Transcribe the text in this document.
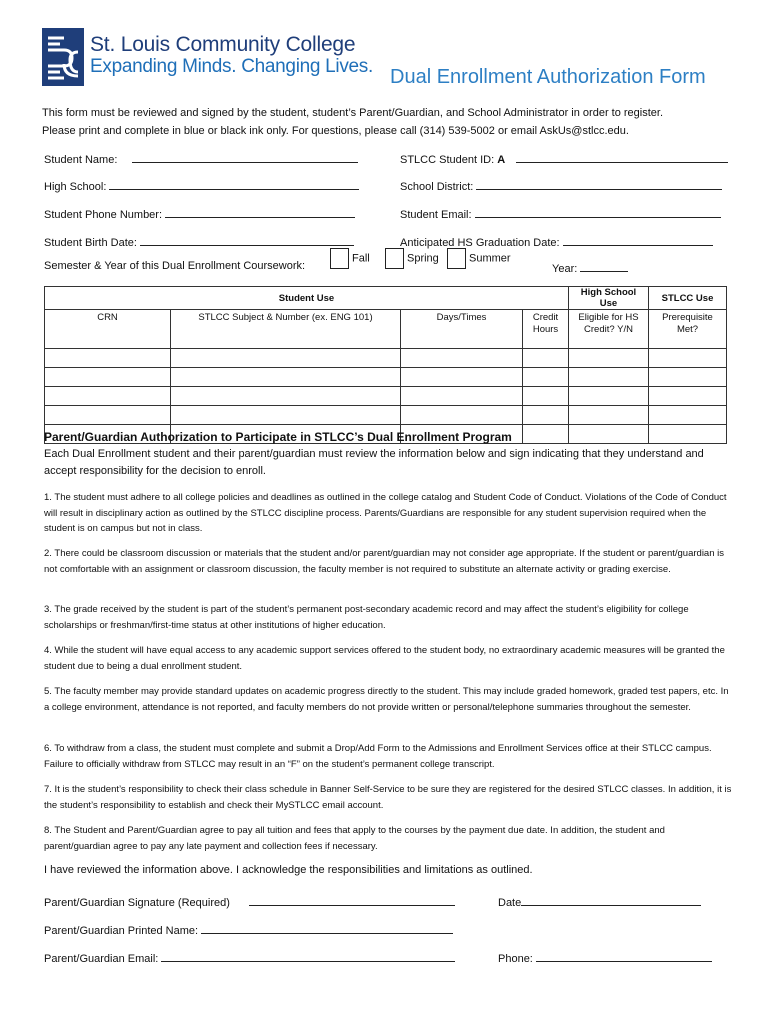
St. Louis Community College
Expanding Minds. Changing Lives. Dual Enrollment Authorization Form
This form must be reviewed and signed by the student, student’s Parent/Guardian, and School Administrator in order to register.
Please print and complete in blue or black ink only. For questions, please call (314) 539-5002 or email AskUs@stlcc.edu.
Student Name:	STLCC Student ID: A
High School:	School District:
Student Phone Number:	Student Email:
Student Birth Date:	Anticipated HS Graduation Date:
Semester & Year of this Dual Enrollment Coursework:
Fall	Spring	Summer
Year:
Student Use				High School Use	STLCC Use
CRN	STLCC Subject & Number (ex. ENG 101)	Days/Times	Credit Hours	Eligible for HS Credit? Y/N	Prerequisite Met?

Parent/Guardian Authorization to Participate in STLCC’s Dual Enrollment Program
Each Dual Enrollment student and their parent/guardian must review the information below and sign indicating that they understand and accept responsibility for the decision to enroll.
1. The student must adhere to all college policies and deadlines as outlined in the college catalog and Student Code of Conduct. Violations of the Code of Conduct will result in disciplinary action as outlined by the STLCC discipline process. Parents/Guardians are responsible for any student supervision required when the student is on campus but not in class.
2. There could be classroom discussion or materials that the student and/or parent/guardian may not consider age appropriate. If the student or parent/guardian is not comfortable with an assignment or classroom discussion, the faculty member is not required to substitute an alternate activity or grading exercise.
3. The grade received by the student is part of the student’s permanent post-secondary academic record and may affect the student’s eligibility for college scholarships or freshman/first-time status at other institutions of higher education.
4. While the student will have equal access to any academic support services offered to the student body, no extraordinary academic measures will be granted the student due to being a dual enrollment student.
5. The faculty member may provide standard updates on academic progress directly to the student. This may include graded homework, graded test papers, etc. In a college environment, attendance is not reported, and faculty members do not provide written or personal/telephone summaries throughout the semester.
6. To withdraw from a class, the student must complete and submit a Drop/Add Form to the Admissions and Enrollment Services office at their STLCC campus. Failure to officially withdraw from STLCC may result in an “F” on the student’s permanent college transcript.
7. It is the student’s responsibility to check their class schedule in Banner Self-Service to be sure they are registered for the desired STLCC classes. In addition, it is the student’s responsibility to establish and check their MySTLCC email account.
8. The Student and Parent/Guardian agree to pay all tuition and fees that apply to the courses by the payment due date. In addition, the student and parent/guardian agree to pay any late payment and collection fees if necessary.
I have reviewed the information above. I acknowledge the responsibilities and limitations as outlined.
Parent/Guardian Signature (Required)	Date
Parent/Guardian Printed Name:
Parent/Guardian Email:	Phone:
